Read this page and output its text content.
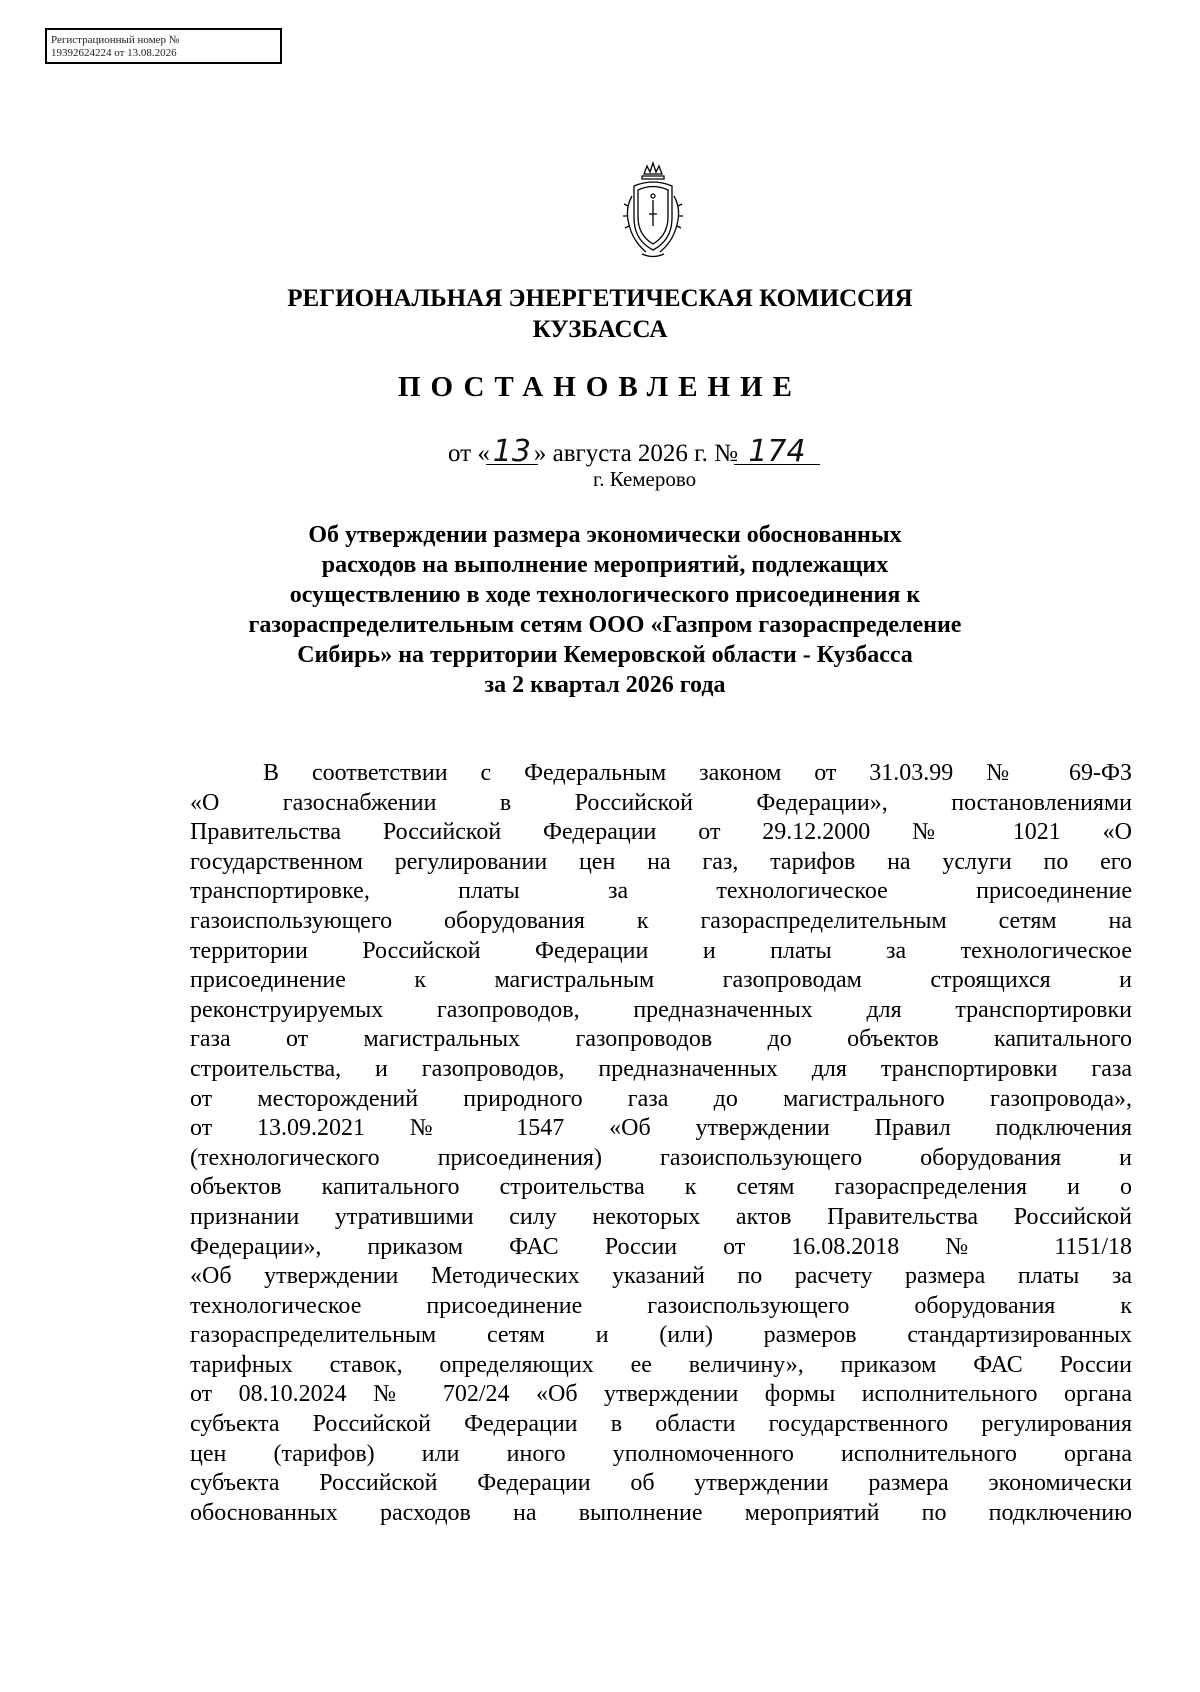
Регистрационный номер №
19392624224 от 13.08.2026
РЕГИОНАЛЬНАЯ ЭНЕРГЕТИЧЕСКАЯ КОМИССИЯ
КУЗБАССА
ПОСТАНОВЛЕНИЕ
от «13 » августа 2026 г. № 174
г. Кемерово
Об утверждении размера экономически обоснованных
расходов на выполнение мероприятий, подлежащих
осуществлению в ходе технологического присоединения к
газораспределительным сетям ООО «Газпром газораспределение
Сибирь» на территории Кемеровской области - Кузбасса
за 2 квартал 2026 года
В соответствии с Федеральным законом от 31.03.99 № 69-ФЗ
«О газоснабжении в Российской Федерации», постановлениями
Правительства Российской Федерации от 29.12.2000 № 1021 «О
государственном регулировании цен на газ, тарифов на услуги по его
транспортировке, платы за технологическое присоединение
газоиспользующего оборудования к газораспределительным сетям на
территории Российской Федерации и платы за технологическое
присоединение к магистральным газопроводам строящихся и
реконструируемых газопроводов, предназначенных для транспортировки
газа от магистральных газопроводов до объектов капитального
строительства, и газопроводов, предназначенных для транспортировки газа
от месторождений природного газа до магистрального газопровода»,
от 13.09.2021 № 1547 «Об утверждении Правил подключения
(технологического присоединения) газоиспользующего оборудования и
объектов капитального строительства к сетям газораспределения и о
признании утратившими силу некоторых актов Правительства Российской
Федерации», приказом ФАС России от 16.08.2018 № 1151/18
«Об утверждении Методических указаний по расчету размера платы за
технологическое присоединение газоиспользующего оборудования к
газораспределительным сетям и (или) размеров стандартизированных
тарифных ставок, определяющих ее величину», приказом ФАС России
от 08.10.2024 № 702/24 «Об утверждении формы исполнительного органа
субъекта Российской Федерации в области государственного регулирования
цен (тарифов) или иного уполномоченного исполнительного органа
субъекта Российской Федерации об утверждении размера экономически
обоснованных расходов на выполнение мероприятий по подключению
